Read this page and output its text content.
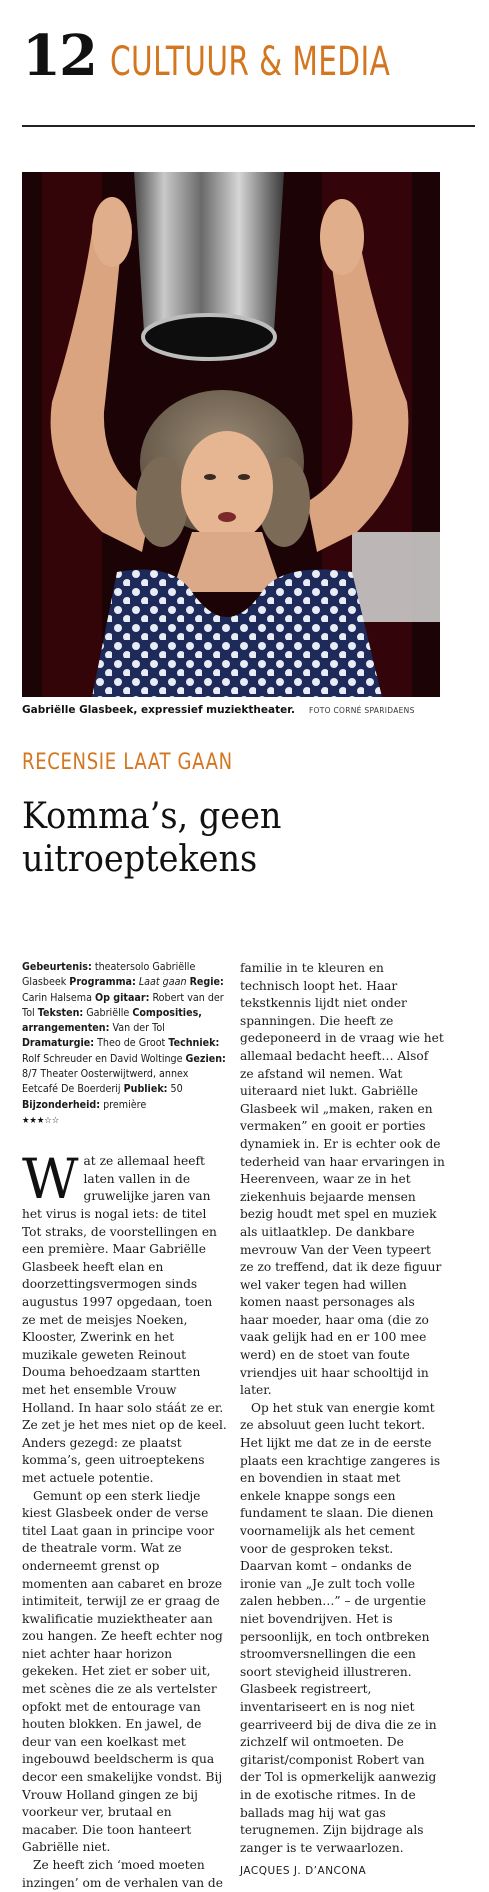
12 CULTUUR & MEDIA
Gabriëlle Glasbeek, expressief muziektheater. FOTO CORNÉ SPARIDAENS
RECENSIE LAAT GAAN
Komma’s, geen uitroeptekens
Gebeurtenis: theatersolo Gabriëlle Glasbeek Programma: Laat gaan Regie: Carin Halsema Op gitaar: Robert van der Tol Teksten: Gabriëlle Composities, arrangementen: Van der Tol Dramaturgie: Theo de Groot Techniek: Rolf Schreuder en David Woltinge Gezien: 8/7 Theater Oosterwijtwerd, annex Eetcafé De Boerderij Publiek: 50 Bijzonderheid: première
★★★☆☆

Wat ze allemaal heeft laten vallen in de gruwelijke jaren van het virus is nogal iets: de titel Tot straks, de voorstellingen en een première. Maar Gabriëlle Glasbeek heeft elan en doorzettingsvermogen sinds augustus 1997 opgedaan, toen ze met de meisjes Noeken, Klooster, Zwerink en het muzikale geweten Reinout Douma behoedzaam startten met het ensemble Vrouw Holland. In haar solo stáát ze er. Ze zet je het mes niet op de keel. Anders gezegd: ze plaatst komma’s, geen uitroeptekens met actuele potentie.

Gemunt op een sterk liedje kiest Glasbeek onder de verse titel Laat gaan in principe voor de theatrale vorm. Wat ze onderneemt grenst op momenten aan cabaret en broze intimiteit, terwijl ze er graag de kwalificatie muziektheater aan zou hangen. Ze heeft echter nog niet achter haar horizon gekeken. Het ziet er sober uit, met scènes die ze als vertelster opfokt met de entourage van houten blokken. En jawel, de deur van een koelkast met ingebouwd beeldscherm is qua decor een smakelijke vondst. Bij Vrouw Holland gingen ze bij voorkeur ver, brutaal en macaber. Die toon hanteert Gabriëlle niet.

Ze heeft zich ‘moed moeten inzingen’ om de verhalen van de

familie in te kleuren en technisch loopt het. Haar tekstkennis lijdt niet onder spanningen. Die heeft ze gedeponeerd in de vraag wie het allemaal bedacht heeft… Alsof ze afstand wil nemen. Wat uiteraard niet lukt. Gabriëlle Glasbeek wil „maken, raken en vermaken” en gooit er porties dynamiek in. Er is echter ook de tederheid van haar ervaringen in Heerenveen, waar ze in het ziekenhuis bejaarde mensen bezig houdt met spel en muziek als uitlaatklep. De dankbare mevrouw Van der Veen typeert ze zo treffend, dat ik deze figuur wel vaker tegen had willen komen naast personages als haar moeder, haar oma (die zo vaak gelijk had en er 100 mee werd) en de stoet van foute vriendjes uit haar schooltijd in later.

Op het stuk van energie komt ze absoluut geen lucht tekort. Het lijkt me dat ze in de eerste plaats een krachtige zangeres is en bovendien in staat met enkele knappe songs een fundament te slaan. Die dienen voornamelijk als het cement voor de gesproken tekst. Daarvan komt – ondanks de ironie van „Je zult toch volle zalen hebben…” – de urgentie niet bovendrijven. Het is persoonlijk, en toch ontbreken stroomversnellingen die een soort stevigheid illustreren. Glasbeek registreert, inventariseert en is nog niet gearriveerd bij de diva die ze in zichzelf wil ontmoeten. De gitarist/componist Robert van der Tol is opmerkelijk aanwezig in de exotische ritmes. In de ballads mag hij wat gas terugnemen. Zijn bijdrage als zanger is te verwaarlozen.

JACQUES J. D’ANCONA
